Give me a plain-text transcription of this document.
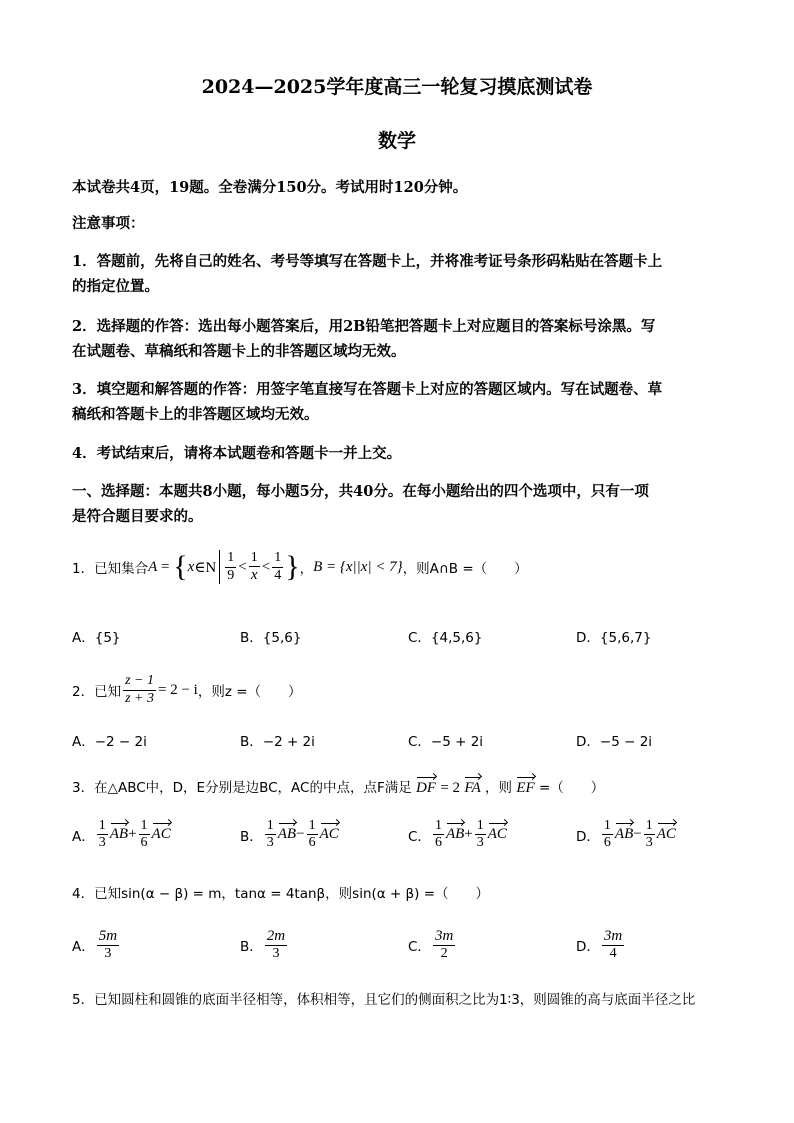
2024—2025学年度高三一轮复习摸底测试卷
数学
本试卷共4页，19题。全卷满分150分。考试用时120分钟。
注意事项：
1．答题前，先将自己的姓名、考号等填写在答题卡上，并将准考证号条形码粘贴在答题卡上
的指定位置。
2．选择题的作答：选出每小题答案后，用2B铅笔把答题卡上对应题目的答案标号涂黑。写
在试题卷、草稿纸和答题卡上的非答题区域均无效。
3．填空题和解答题的作答：用签字笔直接写在答题卡上对应的答题区域内。写在试题卷、草
稿纸和答题卡上的非答题区域均无效。
4．考试结束后，请将本试题卷和答题卡一并上交。
一、选择题：本题共8小题，每小题5分，共40分。在每小题给出的四个选项中，只有一项
是符合题目要求的。
1．已知集合 A = { x ∈N $\frac{1}{9} < \frac{1}{x} < \frac{1}{4}$ } ， B = {x||x| < 7} ，则A∩B =（　　）
A．{5}	B．{5,6}	C．{4,5,6}	D．{5,6,7}
2．已知 $\frac{z - 1}{z + 3} = 2 - i$ ，则z =（　　）
A．−2 − 2i	B．−2 + 2i	C．−5 + 2i	D．−5 − 2i
3．在△ABC中，D，E分别是边BC，AC的中点，点F满足 DF = 2 FA ，则 EF =（　　）
A． $\frac{1}{3}$ AB + $\frac{1}{6}$ AC	B． $\frac{1}{3}$ AB − $\frac{1}{6}$ AC	C． $\frac{1}{6}$ AB + $\frac{1}{3}$ AC	D． $\frac{1}{6}$ AB − $\frac{1}{3}$ AC
4．已知sin(α − β) = m，tanα = 4tanβ，则sin(α + β) =（　　）
A． $\frac{5m}{3}$	B． $\frac{2m}{3}$	C． $\frac{3m}{2}$	D． $\frac{3m}{4}$
5．已知圆柱和圆锥的底面半径相等，体积相等，且它们的侧面积之比为1∶3，则圆锥的高与底面半径之比
